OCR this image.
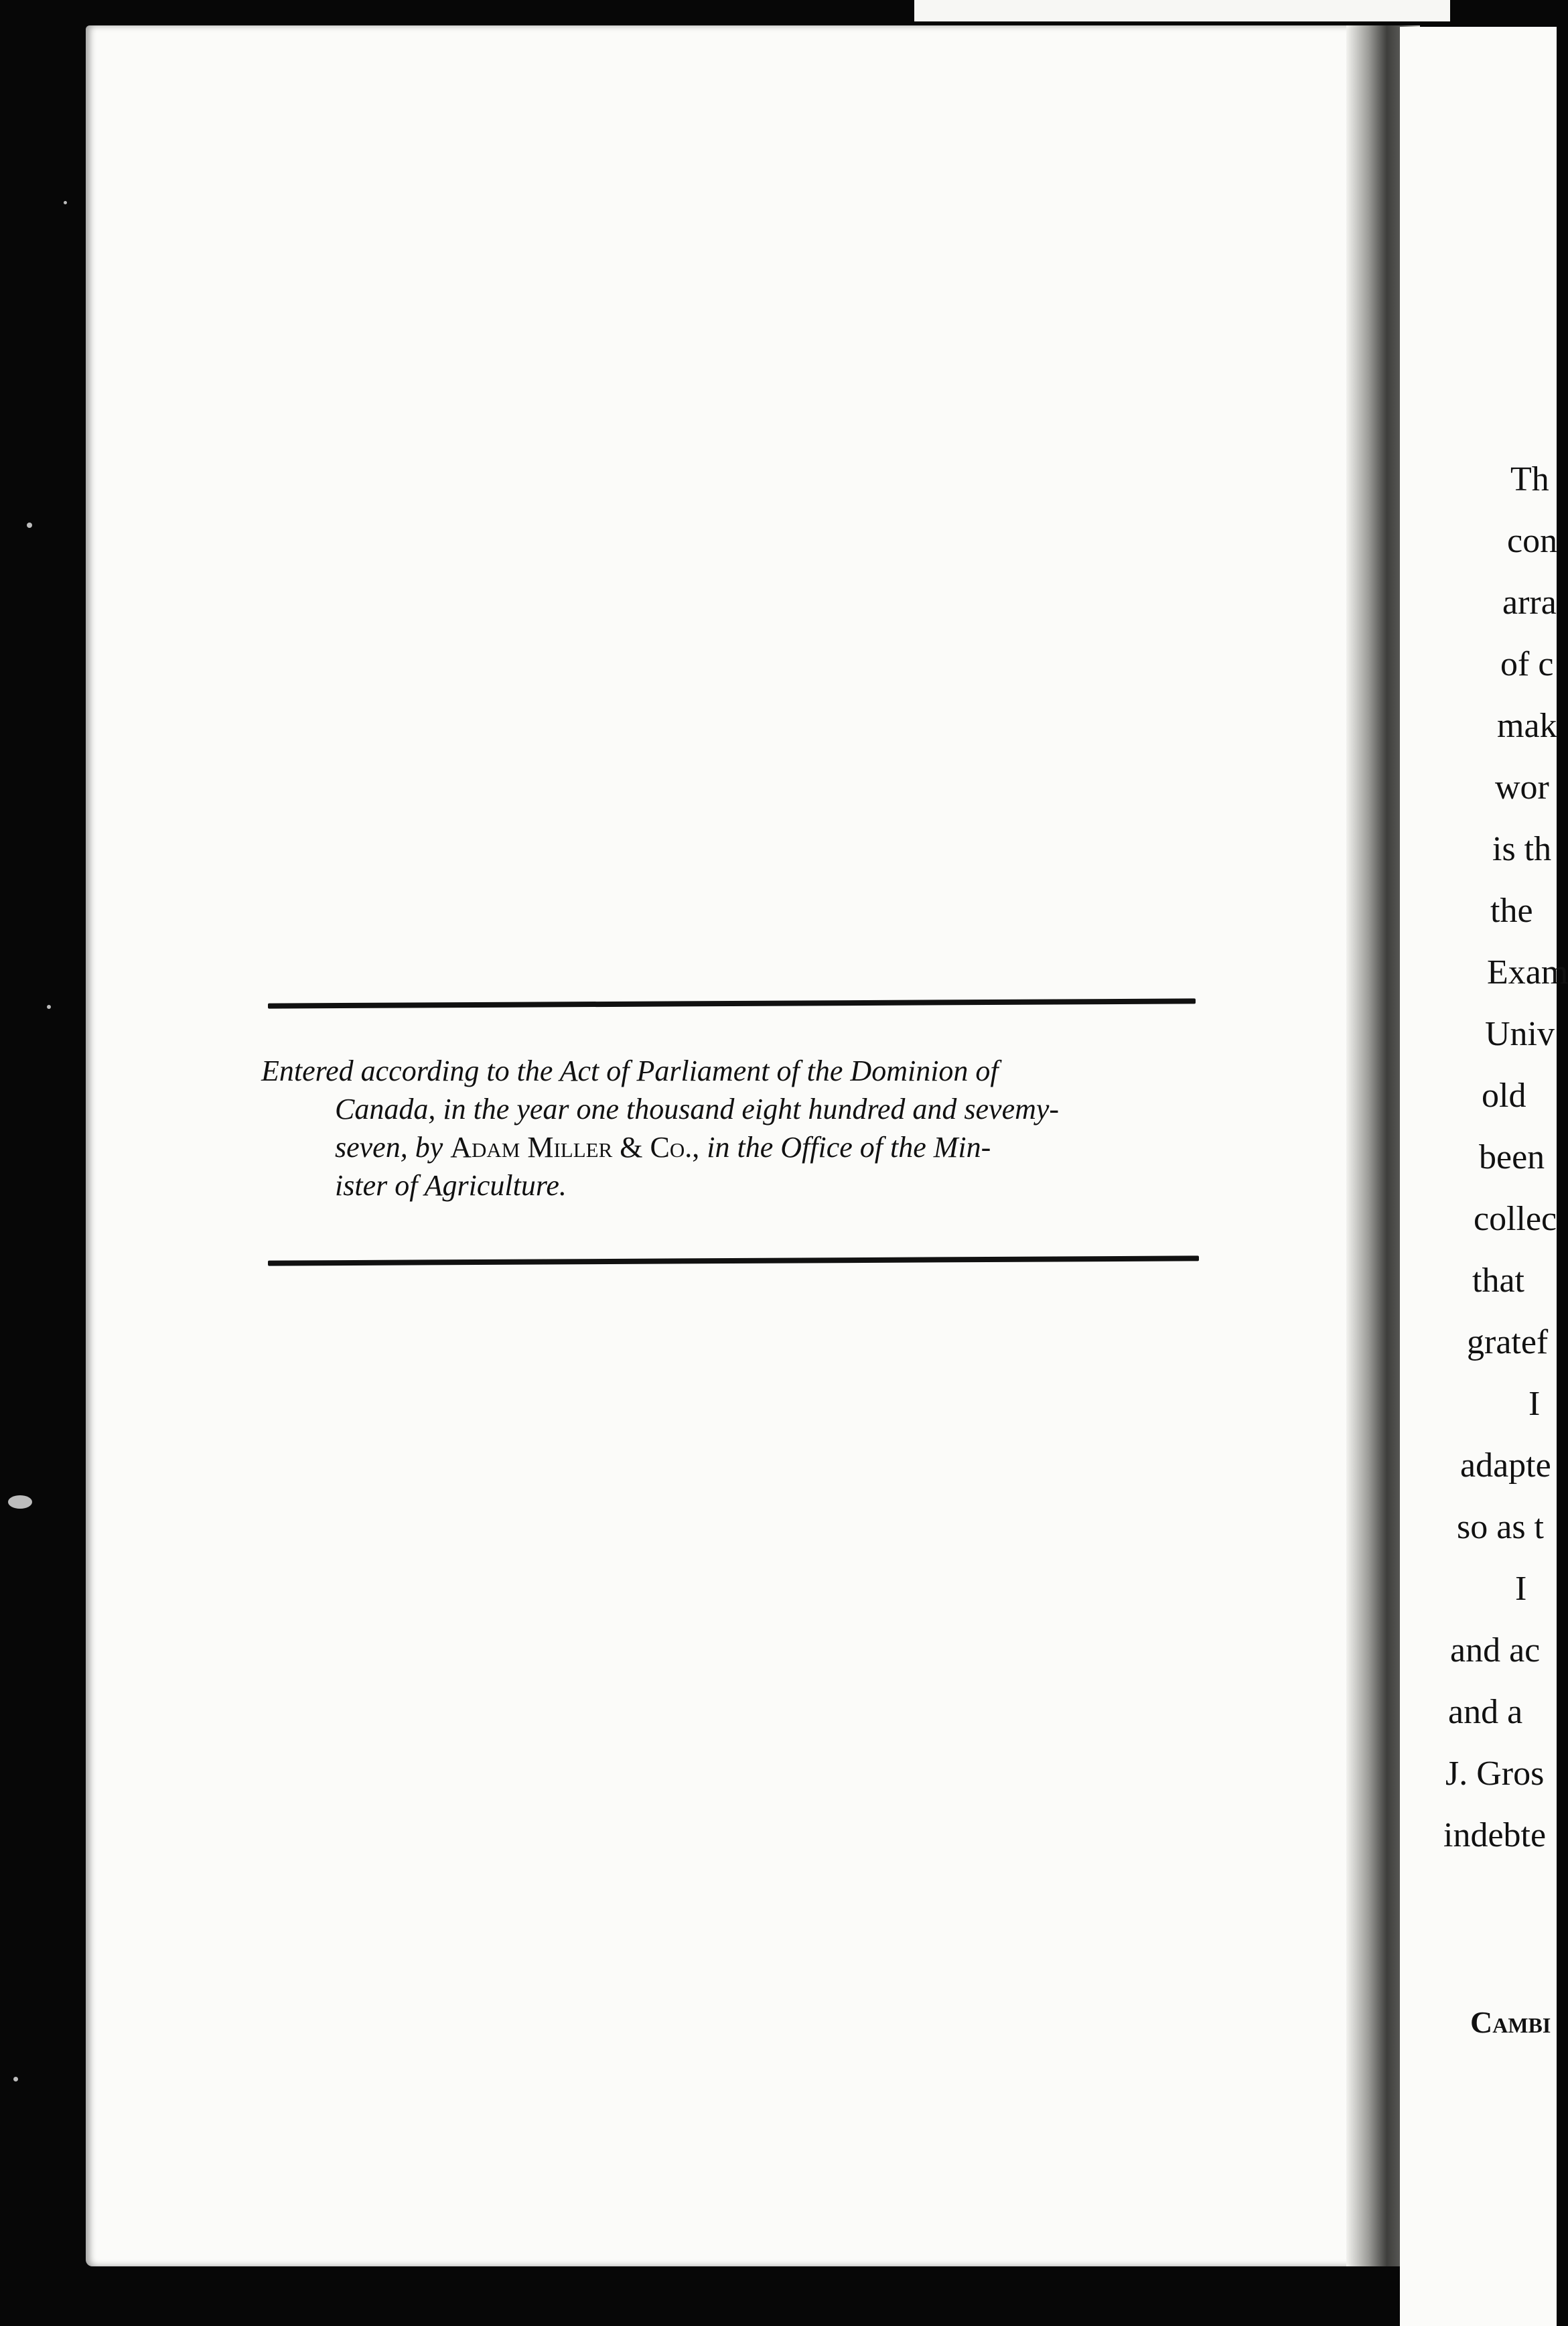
Entered according to the Act of Parliament of the Dominion of
Canada, in the year one thousand eight hundred and sevemy-
seven, by Adam Miller & Co., in the Office of the Min-
ister of Agriculture.

Th
con
arra
of c
mak
wor
is th
the
Exam
Univ
old
been
collec
that
gratef
I
adapte
so as t
I
and ac
and a
J. Gros
indebte
Cambi
